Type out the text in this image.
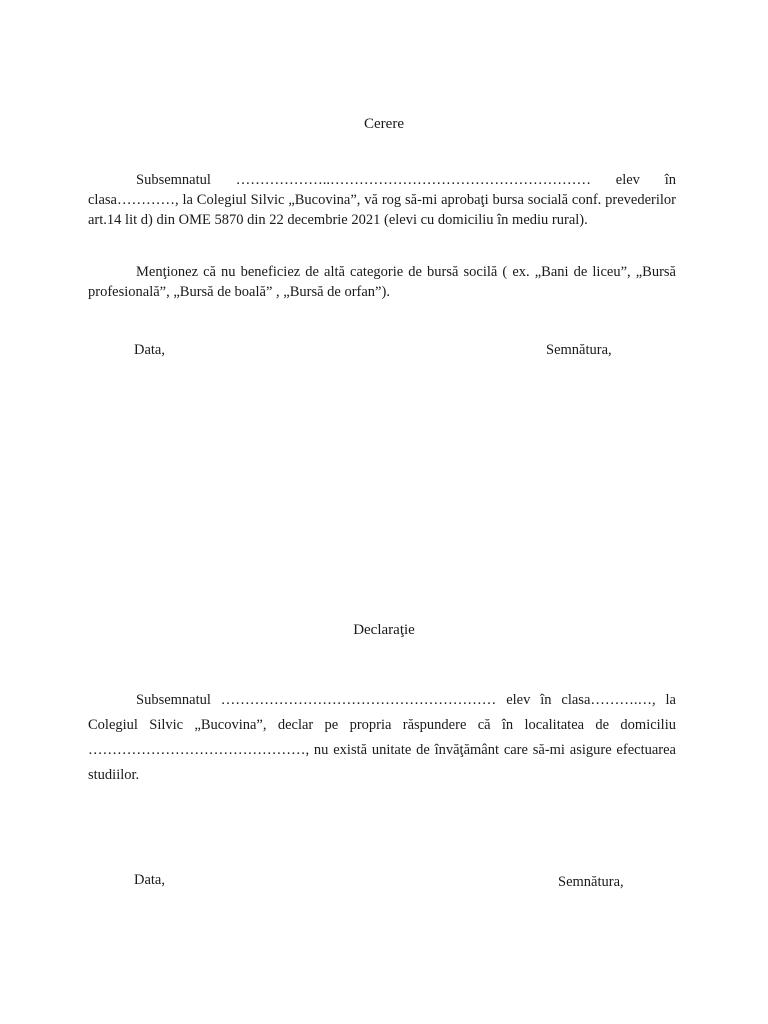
Cerere
Subsemnatul ………………..……………………………………………… elev în clasa…………, la Colegiul Silvic „Bucovina”, vă rog să-mi aprobaţi bursa socială conf. prevederilor art.14 lit d) din OME 5870 din 22 decembrie 2021 (elevi cu domiciliu în mediu rural).
Menţionez că nu beneficiez de altă categorie de bursă socilă ( ex. „Bani de liceu”, „Bursă profesională”, „Bursă de boală” , „Bursă de orfan”).
Data,	Semnătura,
Declaraţie
Subsemnatul ………………………………………………… elev în clasa……….…, la Colegiul Silvic „Bucovina”, declar pe propria răspundere că în localitatea de domiciliu ………………………………………, nu există unitate de învăţământ care să-mi asigure efectuarea studiilor.
Data,	Semnătura,
